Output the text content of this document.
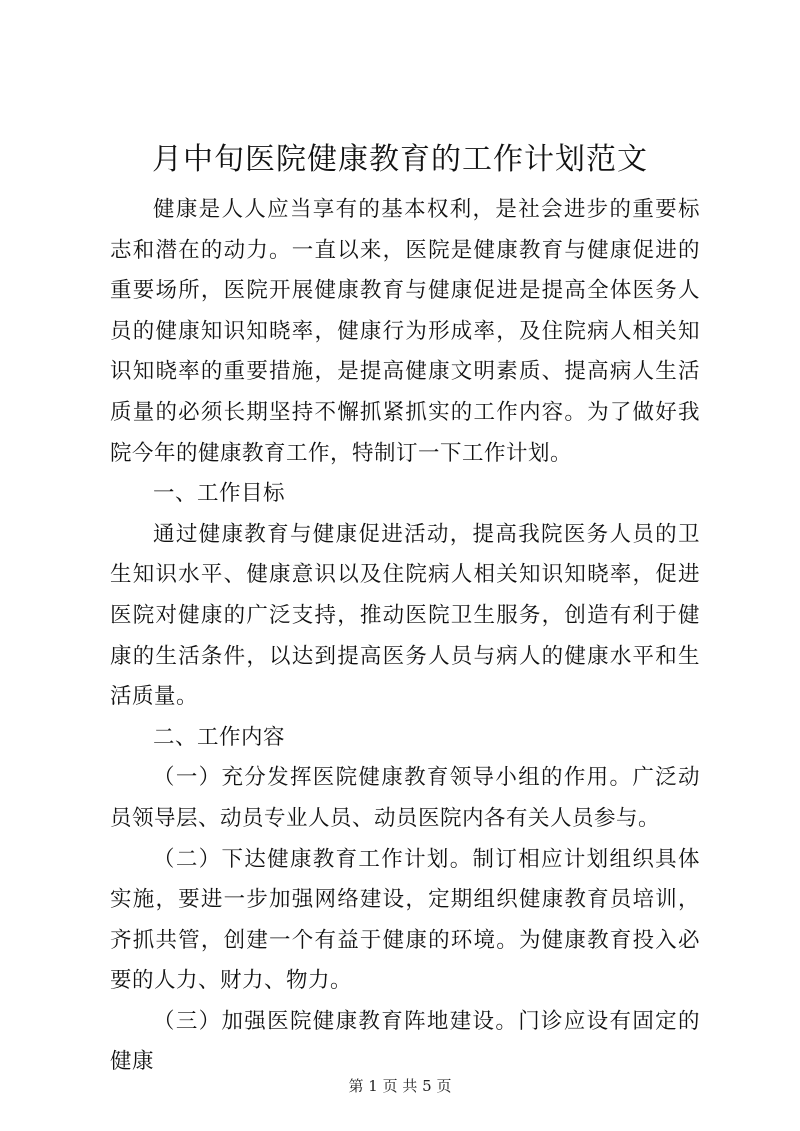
月中旬医院健康教育的工作计划范文

健康是人人应当享有的基本权利，是社会进步的重要标志和潜在的动力。一直以来，医院是健康教育与健康促进的重要场所，医院开展健康教育与健康促进是提高全体医务人员的健康知识知晓率，健康行为形成率，及住院病人相关知识知晓率的重要措施，是提高健康文明素质、提高病人生活质量的必须长期坚持不懈抓紧抓实的工作内容。为了做好我院今年的健康教育工作，特制订一下工作计划。

一、工作目标

通过健康教育与健康促进活动，提高我院医务人员的卫生知识水平、健康意识以及住院病人相关知识知晓率，促进医院对健康的广泛支持，推动医院卫生服务，创造有利于健康的生活条件，以达到提高医务人员与病人的健康水平和生活质量。

二、工作内容

（一）充分发挥医院健康教育领导小组的作用。广泛动员领导层、动员专业人员、动员医院内各有关人员参与。

（二）下达健康教育工作计划。制订相应计划组织具体实施，要进一步加强网络建设，定期组织健康教育员培训，齐抓共管，创建一个有益于健康的环境。为健康教育投入必要的人力、财力、物力。

（三）加强医院健康教育阵地建设。门诊应设有固定的健康

第 1 页 共 5 页
